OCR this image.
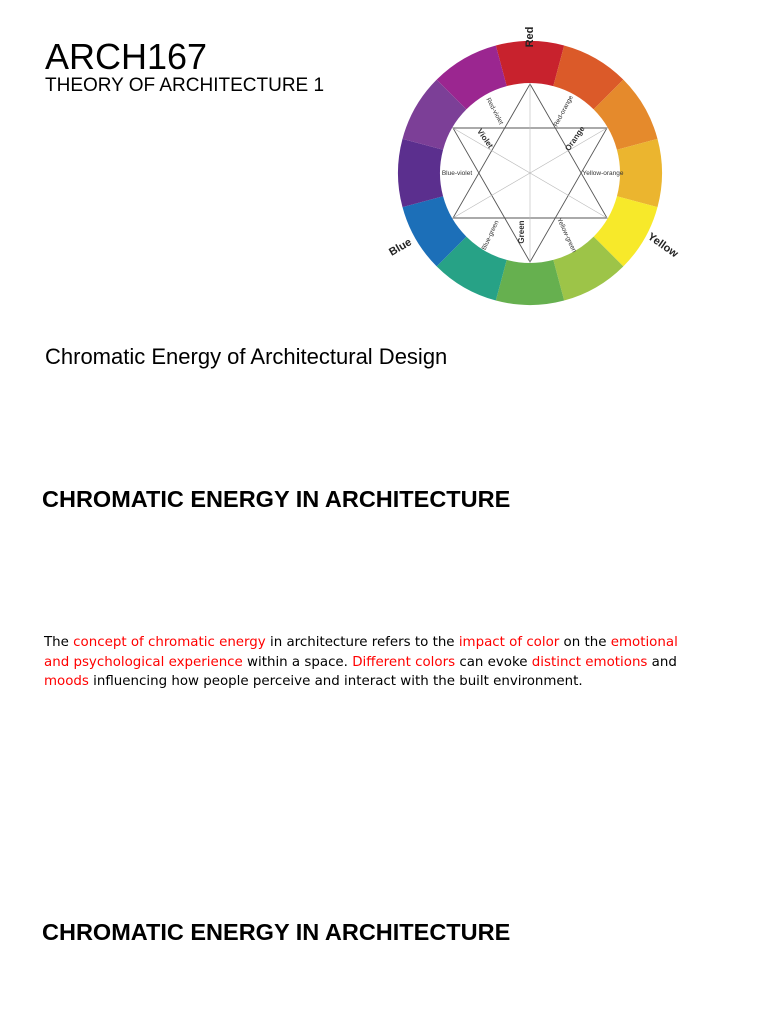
ARCH167
THEORY OF ARCHITECTURE 1
Red
Yellow
Blue
Red-violet	Red-orange
Violet	Orange
Blue-violet	Yellow-orange
Blue-green Green	Yellow-green
Chromatic Energy of Architectural Design
CHROMATIC ENERGY IN ARCHITECTURE
The concept of chromatic energy in architecture refers to the impact of color on the emotional and psychological experience within a space. Different colors can evoke distinct emotions and moods influencing how people perceive and interact with the built environment.
CHROMATIC ENERGY IN ARCHITECTURE
